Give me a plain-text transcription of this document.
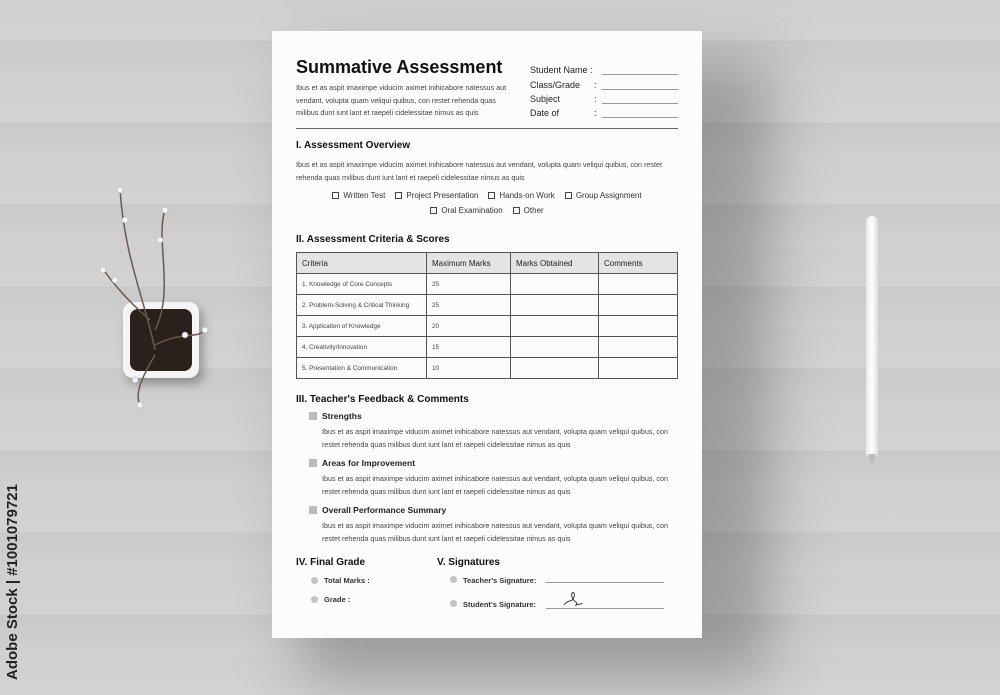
Adobe Stock | #1001079721
Summative Assessment
Ibus et as aspit imaximpe viducim aximet inihicabore natessus aut vendant, volupta quam veliqui quibus, con restet rehenda quas milibus dunt iunt lant et raepeli cidelessitae nimus as quis
Student Name :
Class/Grade :
Subject	:
Date of	:
I. Assessment Overview
Ibus et as aspit imaximpe viducim aximet inihicabore natessus aut vendant, volupta quam veliqui quibus, con restet rehenda quas milibus dunt iunt lant et raepeli cidelessitae nimus as quis
Written Test	Project Presentation	Hands-on Work	Group Assignment
Oral Examination	Other
II. Assessment Criteria & Scores
Criteria	Maximum Marks	Marks Obtained	Comments
1. Knowledge of Core Concepts	25		
2. Problem-Solving & Critical Thinking	25		
3. Application of Knowledge	20		
4. Creativity/Innovation	15		
5. Presentation & Communication	10		
III. Teacher's Feedback & Comments
Strengths
Ibus et as aspit imaximpe viducim aximet inihicabore natessus aut vendant, volupta quam veliqui quibus, con restet rehenda quas milibus dunt iunt lant et raepeli cidelessitae nimus as quis
Areas for Improvement
Ibus et as aspit imaximpe viducim aximet inihicabore natessus aut vendant, volupta quam veliqui quibus, con restet rehenda quas milibus dunt iunt lant et raepeli cidelessitae nimus as quis
Overall Performance Summary
Ibus et as aspit imaximpe viducim aximet inihicabore natessus aut vendant, volupta quam veliqui quibus, con restet rehenda quas milibus dunt iunt lant et raepeli cidelessitae nimus as quis
IV. Final Grade
Total Marks :
Grade :
V. Signatures
Teacher's Signature:
Student's Signature:
